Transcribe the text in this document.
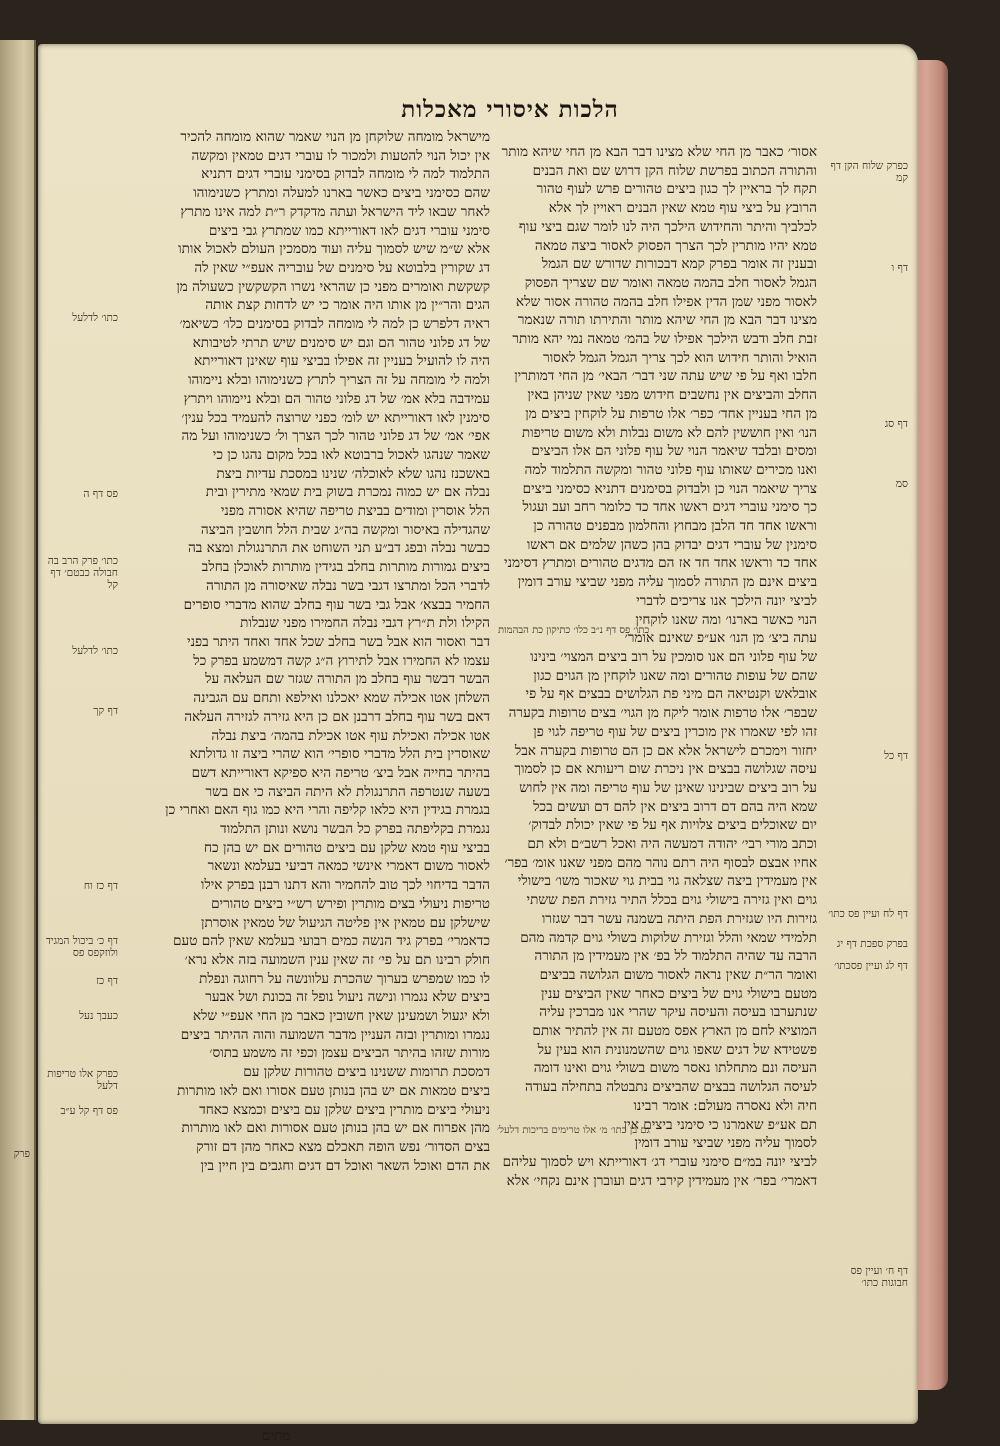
הלכות איסורי מאכלות
אסור׳ כאבר מן החי שלא מצינו דבר הבא מן החי שיהא מותר
והתורה הכתוב בפרשת שלוח הקן דרוש שם ואת הבנים
תקח לך בראיין לך כגון ביצים טהורים פרש לעוף טהור
הרובץ על ביצי עוף טמא שאין הבנים ראויין לך אלא
לכלביך והיתר והחידוש הילכך היה לנו לומר שגם ביצי עוף
טמא יהיו מותרין לכך הצרך הפסוק לאסור ביצה טמאה
ובענין זה אומר בפרק קמא דבכורות שדורש שם הגמל
הגמל לאסור חלב בהמה טמאה ואומר שם שצריך הפסוק
לאסור מפני שמן הדין אפילו חלב בהמה טהורה אסור שלא
מצינו דבר הבא מן החי שיהא מותר והתירתו תורה שנאמר
זבת חלב ודבש הילכך אפילו של בהמ׳ טמאה נמי יהא מותר
הואיל והותר חידוש הוא לכך צריך הגמל הגמל לאסור
חלבו ואף על פי שיש עתה שני דבר׳ הבאי׳ מן החי דמותרין
החלב והביצים אין נחשבים חידוש מפני שאין שניהן באין
מן החי בעניין אחד׳ כפר׳ אלו טרפות על לוקחין ביצים מן
הנו׳ ואין חוששין להם לא משום נבלות ולא משום טריפות
ומסים ובלבד שיאמר הנוי של עוף פלוני הם אלו הביצים
ואנו מכירים שאותו עוף פלוני טהור ומקשה התלמוד למה
צריך שיאמר הנוי כן ולבדוק בסימנים דתניא כסימני ביצים
כך סימני עוברי דגים ראשו אחד כד כלומר רחב ועב ועגול
וראשו אחד חד הלבן מבחוץ והחלמון מבפנים טהורה כן
סימנין של עוברי דגים יבדוק בהן כשהן שלמים אם ראשו
אחד כד וראשו אחד חד אז הם מדגים טהורים ומתרץ דסימני
ביצים אינם מן התורה לסמוך עליה מפני שביצי עורב דומין
לביצי יונה הילכך אנו צריכים לדברי
הנוי כאשר בארנו׳ ומה שאנו לוקחין
עתה ביצ׳ מן הנו׳ אע״פ שאינם אומר׳
של עוף פלוני הם אנו סומכין על רוב ביצים המצוי׳ בינינו
שהם של עופות טהורים ומה שאנו לוקחין מן הגוים כגון
אובלאש וקנטיאה הם מיני פת הגלושים בבצים אף על פי
שבפר׳ אלו טרפות אומר ליקח מן הגוי׳ בצים טרופות בקערה
זהו לפי שאמרו אין מוכרין ביצים של עוף טריפה לגוי פן
יחזור וימכרם לישראל אלא אם כן הם טרופות בקערה אבל
עיסה שגלושה בבצים אין ניכרת שום ריעותא אם כן לסמוך
על רוב ביצים שבינינו שאינן של עוף טריפה ומה אין לחוש
שמא היה בהם דם דרוב ביצים אין להם דם ועשים בכל
יום שאוכלים ביצים צלויות אף על פי שאין יכולת לבדוק׳
וכתב מורי רבי׳ יהודה דמעשה היה ואכל רשב״ם ולא תם
אחיו אבצם לבסוף היה רתם נוהר מהם מפני שאנו אומ׳ בפר׳
אין מעמידין ביצה שצלאה גוי בבית גוי שאכור משו׳ בישולי
גוים ואין גזירה בישולי גוים בכלל התיר גזירת הפת ששתי
גזירות היו שגזירת הפת היתה בשמנה עשר דבר שגזרו
תלמידי שמאי והלל וגזירת שלוקות בשולי גוים קדמה מהם
הרבה עד שהיה התלמוד לל בפ׳ אין מעמידין מן התורה
ואומר הר״ת שאין נראה לאסור משום הגלושה בביצים
מטעם בישולי גוים של ביצים כאחר שאין הביצים ענין
שנתערבו בעיסה והעיסה עיקר שהרי אנו מברכין עליה
המוציא לחם מן הארץ אפס מטעם זה אין להתיר אותם
פשטידא של דגים שאפו גוים שהשמנונית הוא בעין על
העיסה ונם מתחלתו נאסר משום בשולי גוים ואינו דומה
לעיסה הגלושה בבצים שהביצים נתבטלה בתחילה בעודה
חיה ולא נאסרה מעולם: אומר רבינו
תם אע״פ שאמרנו כי סימני ביצים אין
לסמוך עליה מפני שביצי עורב דומין
לביצי יונה במ״ם סימני עוברי דג׳ דאורייתא ויש לסמוך עליהם
דאמרי׳ בפר׳ אין מעמידין קירבי דגים ועוברן אינם נקחי׳ אלא
מישראל מומחה שלוקחן מן הנוי שאמר שהוא מומחה להכיר
אין יכול הנוי להטעות ולמכור לו עוברי דגים טמאין ומקשה
התלמוד למה לי מומחה לבדוק בסימני עוברי דגים דתניא
שהם כסימני ביצים כאשר בארנו למעלה ומתרץ כשנימוהו
לאחר שבאו ליד הישראל ועתה מדקדק ר״ת למה אינו מתרץ
סימני עוברי דגים לאו דאורייתא כמו שמתרץ גבי ביצים
אלא ש״מ שיש לסמוך עליה ועוד מסמכין העולם לאכול אותו
דג שקורין בלבוטא על סימנים של עובריה אעפ״י שאין לה
קשקשת ואומרים מפני כן שהראי נשרו הקשקשין כשעולה מן
הגים והר״ין מן אותו היה אומר כי יש לדחות קצת אותה
ראיה דלפרש כן למה לי מומחה לבדוק בסימנים כלו׳ כשיאמ׳
של דג פלוני טהור הם וגם יש סימנים שיש תרתי לטיבותא
היה לו להועיל בעניין זה אפילו בביצי עוף שאינן דאורייתא
ולמה לי מומחה על זה הצריך לתרץ כשנימוהו ובלא ניימוהו
עמידבה בלא אמ׳ של דג פלוני טהור הם ובלא ניימוהו ויתרץ
סימנין לאו דאורייתא יש לומ׳ כפני שרוצה להעמיד בכל ענין׳
אפי׳ אמ׳ של דג פלוני טהור לכך הצרך ול׳ כשנימוהו ועל מה
שאמר שנהגו לאכול ברבוטא לאו בכל מקום נהגו כן כי
באשכנז נהגו שלא לאוכלה׳ שנינו במסכת עדיות ביצת
נבלה אם יש כמוה נמכרת בשוק בית שמאי מתירין ובית
הלל אוסרין ומודים בביצת טריפה שהיא אסורה מפני
שהגדילה באיסור ומקשה בה״ג שבית הלל חושבין הביצה
כבשר נבלה ובפג דב״ע תני השוחט את התרנגולת ומצא בה
ביצים גמורות מותרות בחלב בגידין מותרות לאוכלן בחלב
לדברי הכל ומתרצו דגבי בשר נבלה שאיסורה מן התורה
החמיר בבצא׳ אבל גבי בשר עוף בחלב שהוא מדברי סופרים
הקילו ולת ת״רץ דגבי נבלה החמירו מפני שנבלות
דבר ואסור הוא אבל בשר בחלב שכל אחד ואחד היתר בפני
עצמו לא החמירו אבל לתירוץ ה״ג קשה דמשמע בפרק כל
הבשר דבשר עוף בחלב מן התורה שגזר שם העלאה על
השלחן אטו אכילה שמא יאכלנו ואילפא ותחם עם הגבינה
דאם בשר עוף בחלב דרבנן אם כן היא גזירה לגזירה העלאה
אטו אכילה ואכילת עוף אטו אכילת בהמה׳ ביצת נבלה
שאוסרין בית הלל מדברי סופרי׳ הוא שהרי ביצה זו גדולתא
בהיתר בחייה אבל ביצ׳ טריפה היא ספיקא דאורייתא דשם
בשעה שנטרפה התרנגולת לא היתה הביצה כי אם בשר
בגמרת בגידין היא כלאו קליפה והרי היא כמו גוף האם ואחרי כן
נגמרת בקליפתה בפרק כל הבשר נושא ונותן התלמוד
בביצי עוף טמא שלקן עם ביצים טהורים אם יש בהן כח
לאסור משום דאמרי אינשי כמאה דביעי בעלמא ונשאר
הדבר בדיחוי לכך טוב להחמיר והא דתנו רבנן בפרק אילו
טריפות ניעולי בצים מותרין ופירש רש״י ביצים טהורים
שישלקן עם טמאין אין פליטה הגיעול של טמאין אוסרתן
כדאמרי׳ בפרק גיד הנשה כמים רבועי בעלמא שאין להם טעם
חולק רבינו תם על פי׳ זה שאין ענין השמועה בזה אלא נרא׳
לו כמו שמפרש בערוך שהכרת עלוונשה על רחוגה ונפלת
ביצים שלא נגמרו ונישה ניעול נופל זה בכונת ושל אבער
ולא יגעול ושמעינן שאין חשובין כאבר מן החי אעפ״י שלא
נגמרו ומותרין ובזה העניין מדבר השמועה והוה ההיתר ביצים
מורות שזהו בהיתר הביצים עצמן וכפי זה משמע בתוס׳
דמסכת תרומות ששנינו ביצים טהורות שלקן עם
ביצים טמאות אם יש בהן בנותן טעם אסורו ואם לאו מותרות
ניעולי ביצים מותרין ביצים שלקן עם ביצים וכמצא כאחד
מהן אפרוח אם יש בהן בנותן טעם אסורות ואם לאו מותרות
בצים הסדור׳ נפש הופה תאכלם מצא כאחר מהן דם זורק
את הדם ואוכל השאר ואוכל דם דגים וחגבים בין חיין בין
מתים
כתו׳ פס דף נ״ב כלו׳ כתיקון כת הבהמות
גם בן כתו׳ מ׳ אלו טרימים בריכות דלעל׳
כפרק שלוח הקן דף קמ
דף ו
דף סג
סמ
דף כל
דף לח ועיין פס כתו׳
בפרק ספכת דף יג
דף לג ועיין פסכתו׳
דף ח׳ ועיין פס חבוגות כתו׳
כתו׳ לדלעל
פס דף ה
כתו׳ פרק הרב בה חבולה כבטם׳ דף קל
כתו׳ לדלעל
דף קך
דף כז וח
דף כ׳ ביכול המגיד ולוזקפס פס
דף כז
כעבך נעל
כפרק אלו טריפות דלעל
פס דף קל ע״ב
פרק
